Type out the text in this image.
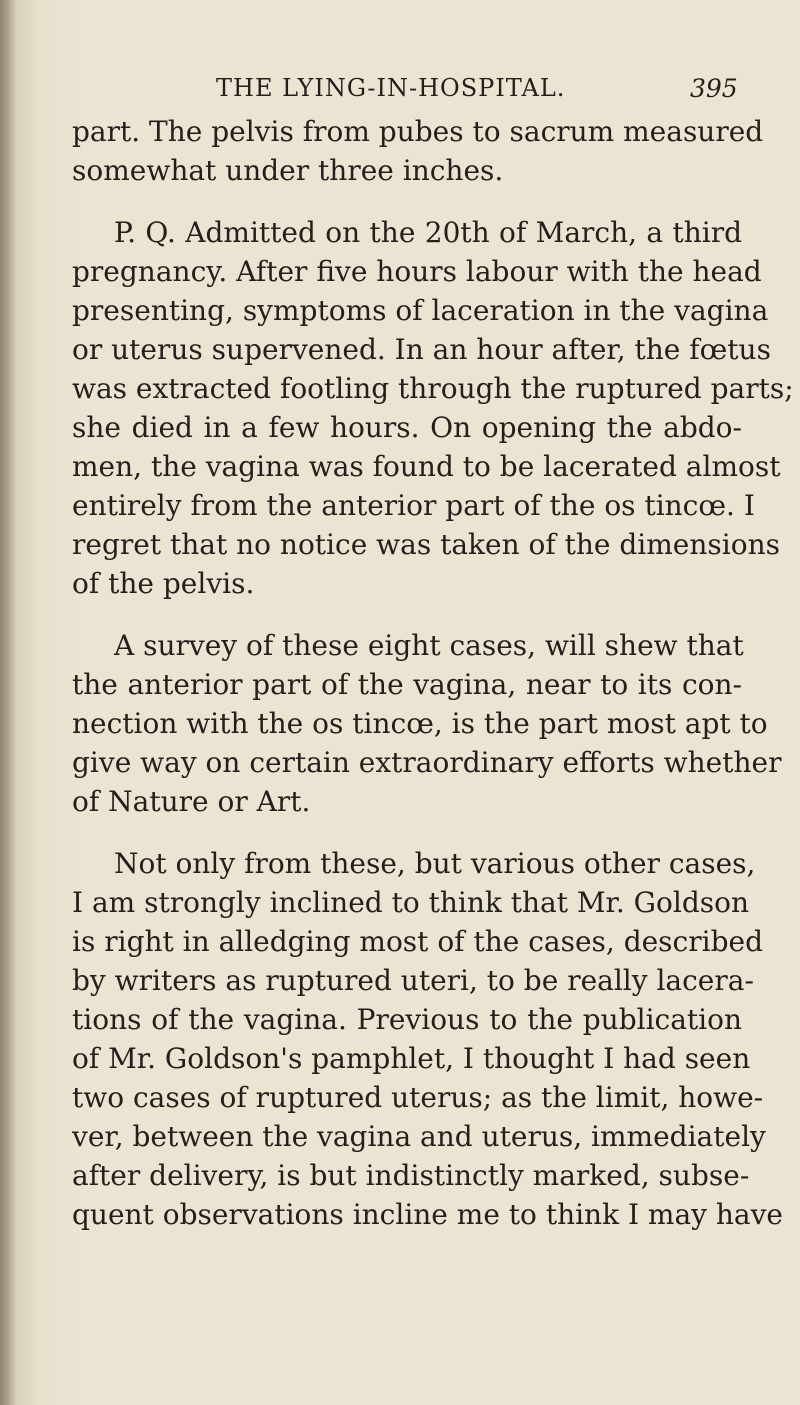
THE LYING-IN-HOSPITAL.	395
part. The pelvis from pubes to sacrum measured
somewhat under three inches.
P. Q. Admitted on the 20th of March, a third
pregnancy. After five hours labour with the head
presenting, symptoms of laceration in the vagina
or uterus supervened. In an hour after, the fœtus
was extracted footling through the ruptured parts;
she died in a few hours. On opening the abdo-
men, the vagina was found to be lacerated almost
entirely from the anterior part of the os tincœ. I
regret that no notice was taken of the dimensions
of the pelvis.
A survey of these eight cases, will shew that
the anterior part of the vagina, near to its con-
nection with the os tincœ, is the part most apt to
give way on certain extraordinary efforts whether
of Nature or Art.
Not only from these, but various other cases,
I am strongly inclined to think that Mr. Goldson
is right in alledging most of the cases, described
by writers as ruptured uteri, to be really lacera-
tions of the vagina. Previous to the publication
of Mr. Goldson's pamphlet, I thought I had seen
two cases of ruptured uterus; as the limit, howe-
ver, between the vagina and uterus, immediately
after delivery, is but indistinctly marked, subse-
quent observations incline me to think I may have
